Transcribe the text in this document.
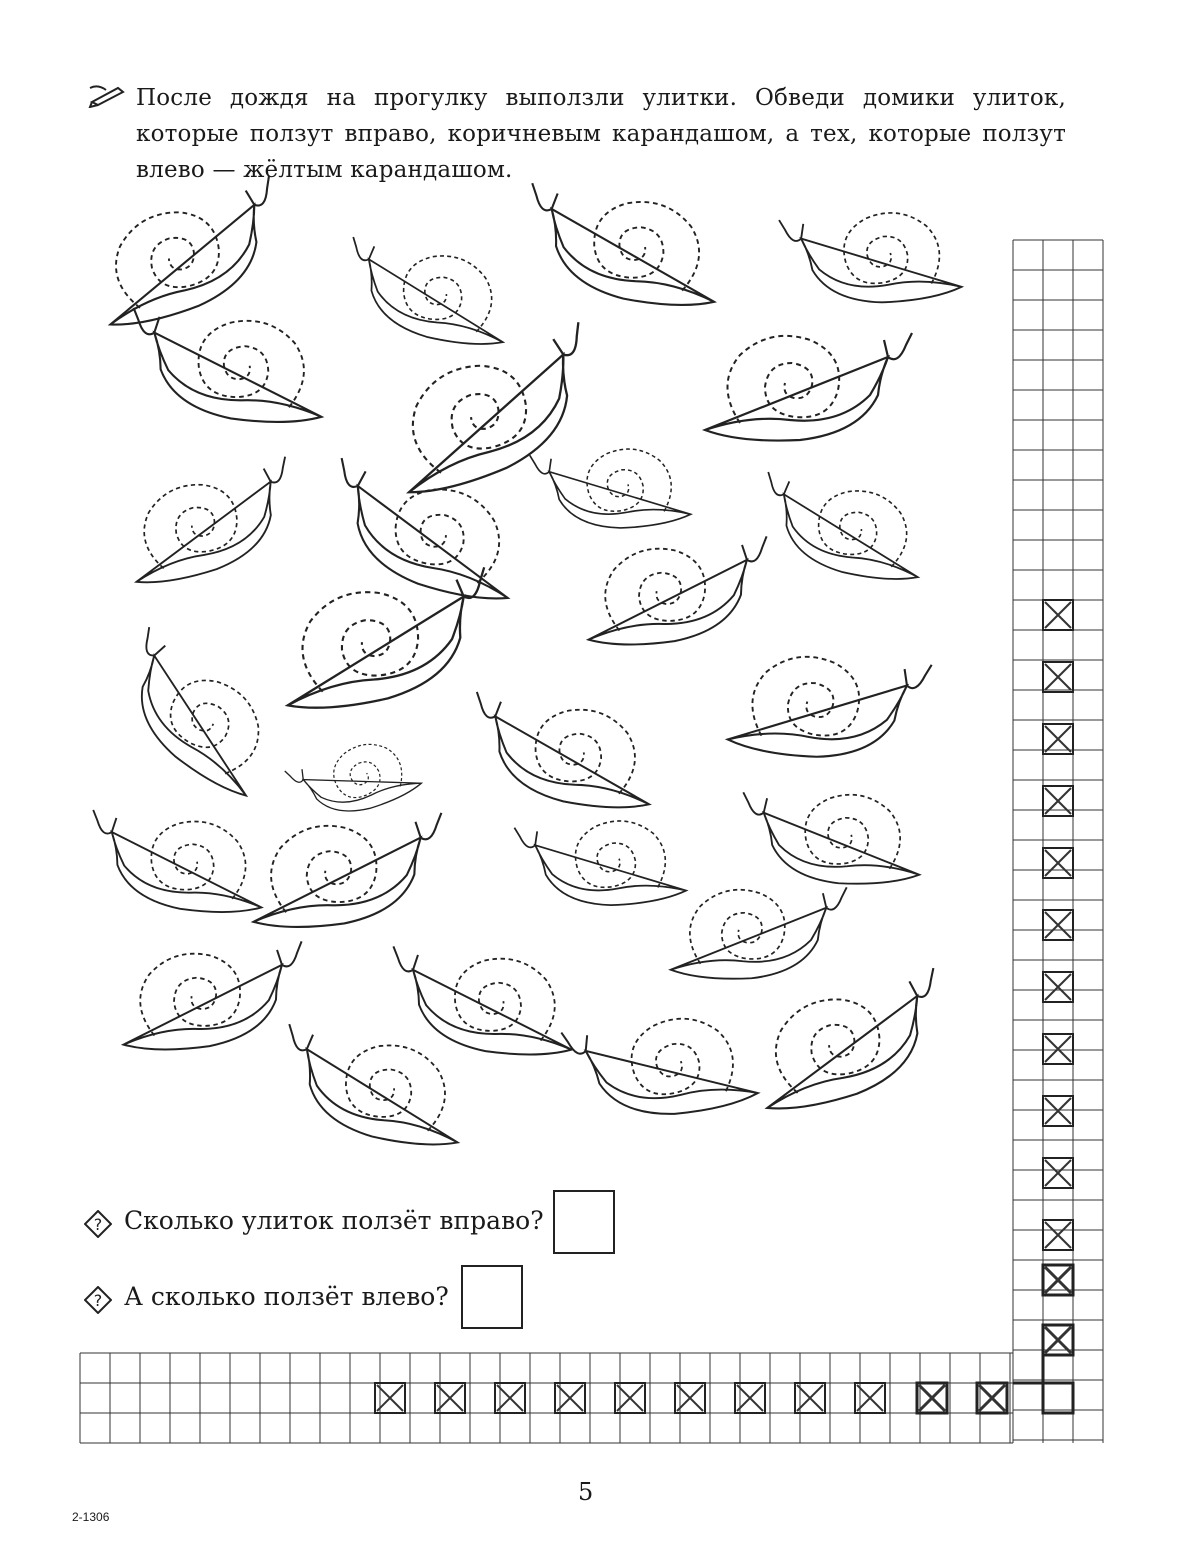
После дождя на прогулку выползли улитки. Обведи домики улиток, которые ползут вправо, коричневым карандашом, а тех, которые ползут влево — жёлтым карандашом.
? Сколько улиток ползёт вправо?
? А сколько ползёт влево?
5
2-1306
